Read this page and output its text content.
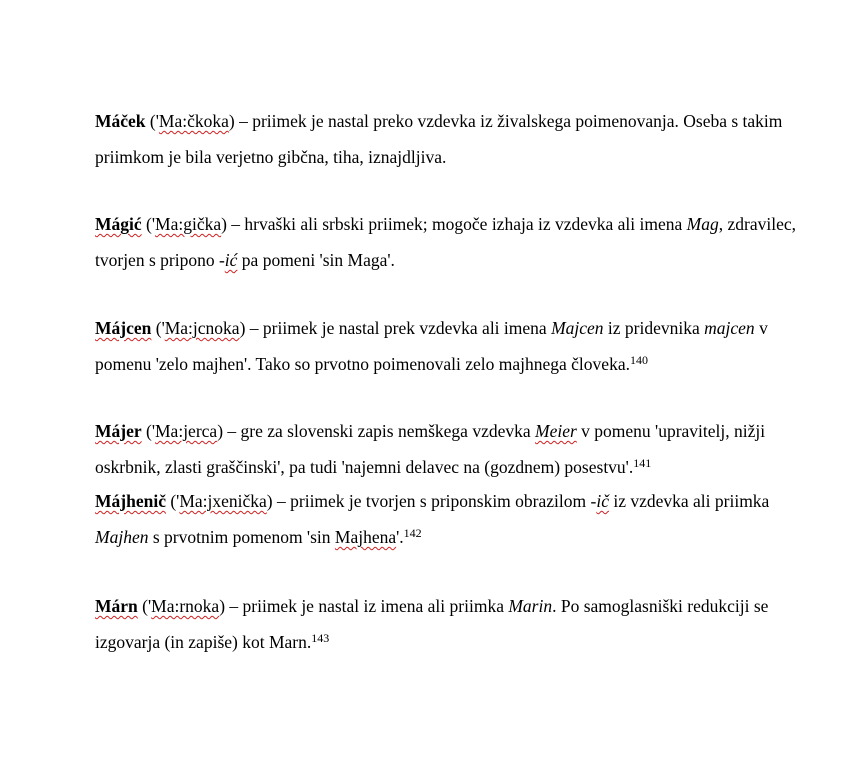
Máček ('Ma:čkoka) – priimek je nastal preko vzdevka iz živalskega poimenovanja. Oseba s takim priimkom je bila verjetno gibčna, tiha, iznajdljiva.

Mágić ('Ma:gička) – hrvaški ali srbski priimek; mogoče izhaja iz vzdevka ali imena Mag, zdravilec, tvorjen s pripono -ić pa pomeni 'sin Maga'.

Májcen ('Ma:jcnoka) – priimek je nastal prek vzdevka ali imena Majcen iz pridevnika majcen v pomenu 'zelo majhen'. Tako so prvotno poimenovali zelo majhnega človeka.$^{140}$

Májer ('Ma:jerca) – gre za slovenski zapis nemškega vzdevka Meier v pomenu 'upravitelj, nižji oskrbnik, zlasti graščinski', pa tudi 'najemni delavec na (gozdnem) posestvu'.$^{141}$

Májhenič ('Ma:jxenička) – priimek je tvorjen s priponskim obrazilom -ič iz vzdevka ali priimka Majhen s prvotnim pomenom 'sin Majhena'.$^{142}$

Márn ('Ma:rnoka) – priimek je nastal iz imena ali priimka Marin. Po samoglasniški redukciji se izgovarja (in zapiše) kot Marn.$^{143}$
